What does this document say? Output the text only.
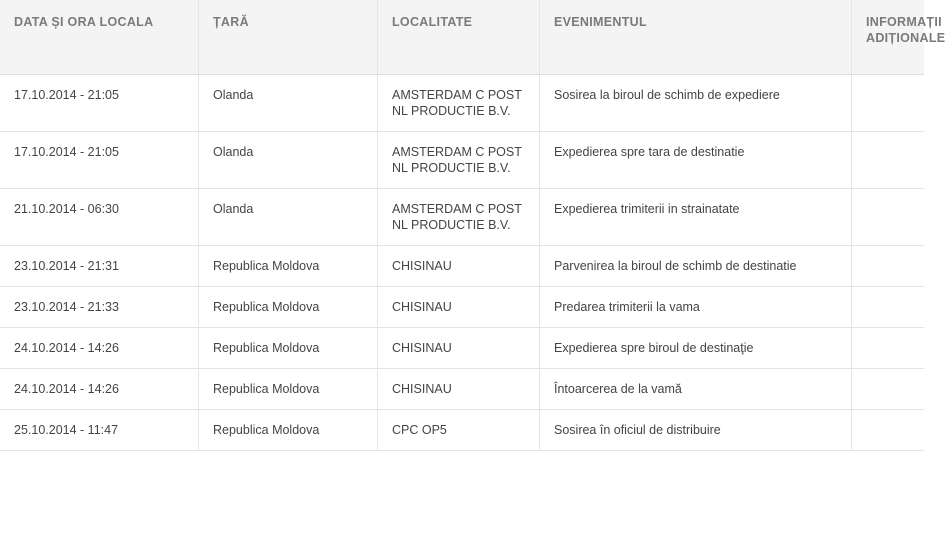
DATA ȘI ORA LOCALA	ȚARĂ	LOCALITATE	EVENIMENTUL	INFORMAȚII ADIȚIONALE
17.10.2014 - 21:05	Olanda	AMSTERDAM C POST NL PRODUCTIE B.V.	Sosirea la biroul de schimb de expediere	
17.10.2014 - 21:05	Olanda	AMSTERDAM C POST NL PRODUCTIE B.V.	Expedierea spre tara de destinatie	
21.10.2014 - 06:30	Olanda	AMSTERDAM C POST NL PRODUCTIE B.V.	Expedierea trimiterii in strainatate	
23.10.2014 - 21:31	Republica Moldova	CHISINAU	Parvenirea la biroul de schimb de destinatie	
23.10.2014 - 21:33	Republica Moldova	CHISINAU	Predarea trimiterii la vama	
24.10.2014 - 14:26	Republica Moldova	CHISINAU	Expedierea spre biroul de destinaţie	
24.10.2014 - 14:26	Republica Moldova	CHISINAU	Întoarcerea de la vamă	
25.10.2014 - 11:47	Republica Moldova	CPC OP5	Sosirea în oficiul de distribuire	
